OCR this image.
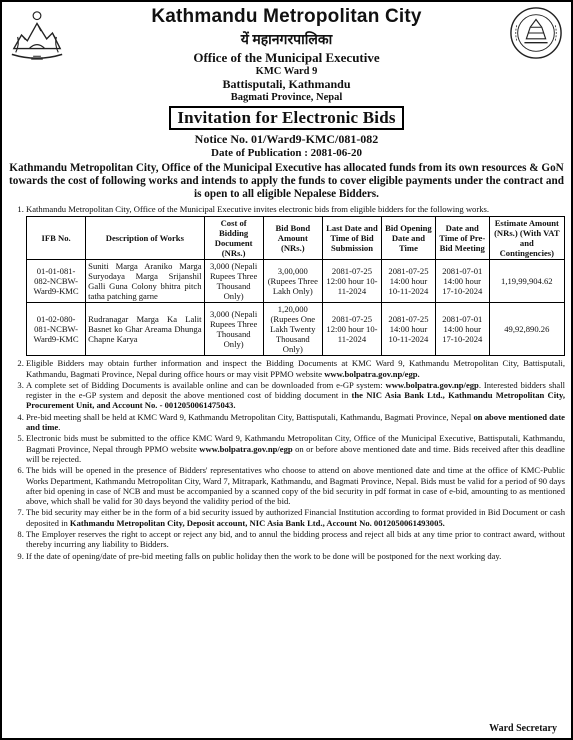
Kathmandu Metropolitan City
यें महानगरपालिका
Office of the Municipal Executive
KMC Ward 9
Battisputali, Kathmandu
Bagmati Province, Nepal
Invitation for Electronic Bids
Notice No. 01/Ward9-KMC/081-082
Date of Publication : 2081-06-20
Kathmandu Metropolitan City, Office of the Municipal Executive has allocated funds from its own resources & GoN towards the cost of following works and intends to apply the funds to cover eligible payments under the contract and is open to all eligible Nepalese Bidders.
1. Kathmandu Metropolitan City, Office of the Municipal Executive invites electronic bids from eligible bidders for the following works.
IFB No.	Description of Works	Cost of Bidding Document (NRs.)	Bid Bond Amount (NRs.)	Last Date and Time of Bid Submission	Bid Opening Date and Time	Date and Time of Pre-Bid Meeting	Estimate Amount (NRs.) (With VAT and Contingencies)
01-01-081-082-NCBW-Ward9-KMC	Suniti Marga Araniko Marga Suryodaya Marga Srijanshil Galli Guna Colony bhitra pitch tatha patching garne	3,000 (Nepali Rupees Three Thousand Only)	3,00,000 (Rupees Three Lakh Only)	2081-07-25 12:00 hour 10-11-2024	2081-07-25 14:00 hour 10-11-2024	2081-07-01 14:00 hour 17-10-2024	1,19,99,904.62
01-02-080-081-NCBW-Ward9-KMC	Rudranagar Marga Ka Lalit Basnet ko Ghar Areama Dhunga Chapne Karya	3,000 (Nepali Rupees Three Thousand Only)	1,20,000 (Rupees One Lakh Twenty Thousand Only)	2081-07-25 12:00 hour 10-11-2024	2081-07-25 14:00 hour 10-11-2024	2081-07-01 14:00 hour 17-10-2024	49,92,890.26
2. Eligible Bidders may obtain further information and inspect the Bidding Documents at KMC Ward 9, Kathmandu Metropolitan City, Battisputali, Kathmandu, Bagmati Province, Nepal during office hours or may visit PPMO website www.bolpatra.gov.np/egp.
3. A complete set of Bidding Documents is available online and can be downloaded from e-GP system: www.bolpatra.gov.np/egp. Interested bidders shall register in the e-GP system and deposit the above mentioned cost of bidding document in the NIC Asia Bank Ltd., Kathmandu Metropolitan City, Procurement Unit, and Account No. - 0012050061475043.
4. Pre-bid meeting shall be held at KMC Ward 9, Kathmandu Metropolitan City, Battisputali, Kathmandu, Bagmati Province, Nepal on above mentioned date and time.
5. Electronic bids must be submitted to the office KMC Ward 9, Kathmandu Metropolitan City, Office of the Municipal Executive, Battisputali, Kathmandu, Bagmati Province, Nepal through PPMO website www.bolpatra.gov.np/egp on or before above mentioned date and time. Bids received after this deadline will be rejected.
6. The bids will be opened in the presence of Bidders' representatives who choose to attend on above mentioned date and time at the office of KMC-Public Works Department, Kathmandu Metropolitan City, Ward 7, Mitrapark, Kathmandu, and Bagmati Province, Nepal. Bids must be valid for a period of 90 days after bid opening in case of NCB and must be accompanied by a scanned copy of the bid security in pdf format in case of e-bid, amounting to as mentioned above, which shall be valid for 30 days beyond the validity period of the bid.
7. The bid security may either be in the form of a bid security issued by authorized Financial Institution according to format provided in Bid Document or cash deposited in Kathmandu Metropolitan City, Deposit account, NIC Asia Bank Ltd., Account No. 0012050061493005.
8. The Employer reserves the right to accept or reject any bid, and to annul the bidding process and reject all bids at any time prior to contract award, without thereby incurring any liability to Bidders.
9. If the date of opening/date of pre-bid meeting falls on public holiday then the work to be done will be postponed for the next working day.
Ward Secretary
